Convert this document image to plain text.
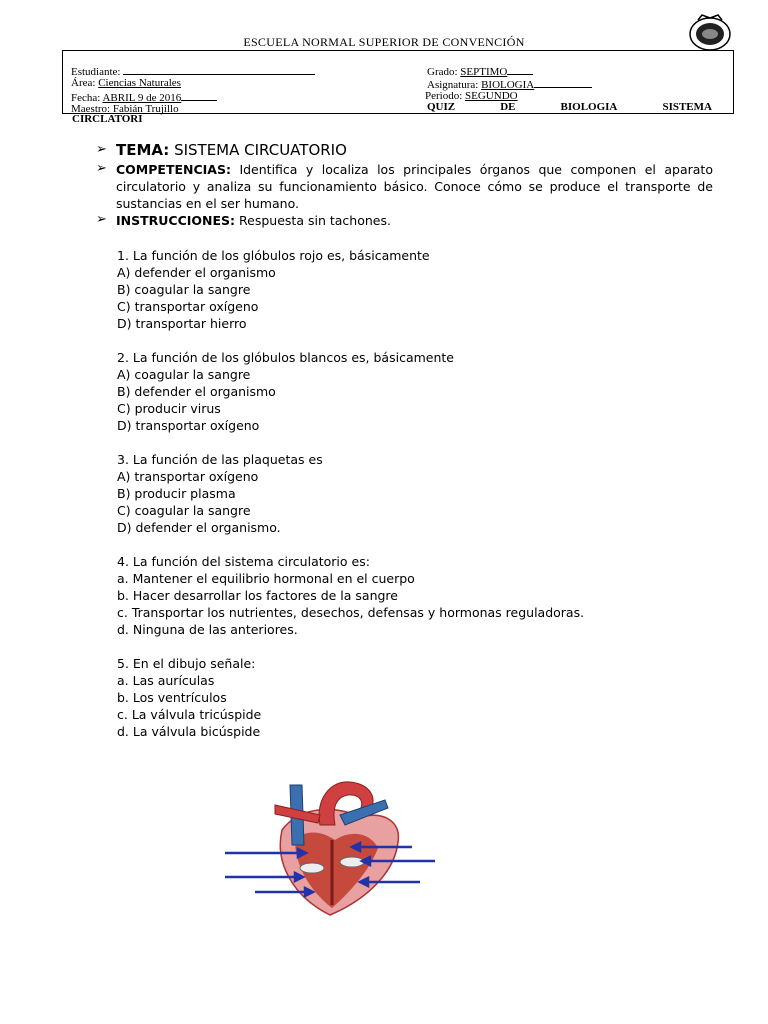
ESCUELA NORMAL SUPERIOR DE CONVENCIÓN
Estudiante:	Grado: SEPTIMO
Área: Ciencias Naturales	Asignatura: BIOLOGIA
Fecha: ABRIL 9 de 2016	Periodo: SEGUNDO
Maestro: Fabián Trujillo	QUIZ	DE	BIOLOGIA	SISTEMA
CIRCLATORI
➢ TEMA: SISTEMA CIRCUATORIO
➢ COMPETENCIAS: Identifica y localiza los principales órganos que componen el aparato circulatorio y analiza su funcionamiento básico. Conoce cómo se produce el transporte de sustancias en el ser humano.
➢ INSTRUCCIONES: Respuesta sin tachones.
1. La función de los glóbulos rojo es, básicamente
A) defender el organismo
B) coagular la sangre
C) transportar oxígeno
D) transportar hierro
2. La función de los glóbulos blancos es, básicamente
A) coagular la sangre
B) defender el organismo
C) producir virus
D) transportar oxígeno
3. La función de las plaquetas es
A) transportar oxígeno
B) producir plasma
C) coagular la sangre
D) defender el organismo.
4. La función del sistema circulatorio es:
a. Mantener el equilibrio hormonal en el cuerpo
b. Hacer desarrollar los factores de la sangre
c. Transportar los nutrientes, desechos, defensas y hormonas reguladoras.
d. Ninguna de las anteriores.
5. En el dibujo señale:
a. Las aurículas
b. Los ventrículos
c. La válvula tricúspide
d. La válvula bicúspide
